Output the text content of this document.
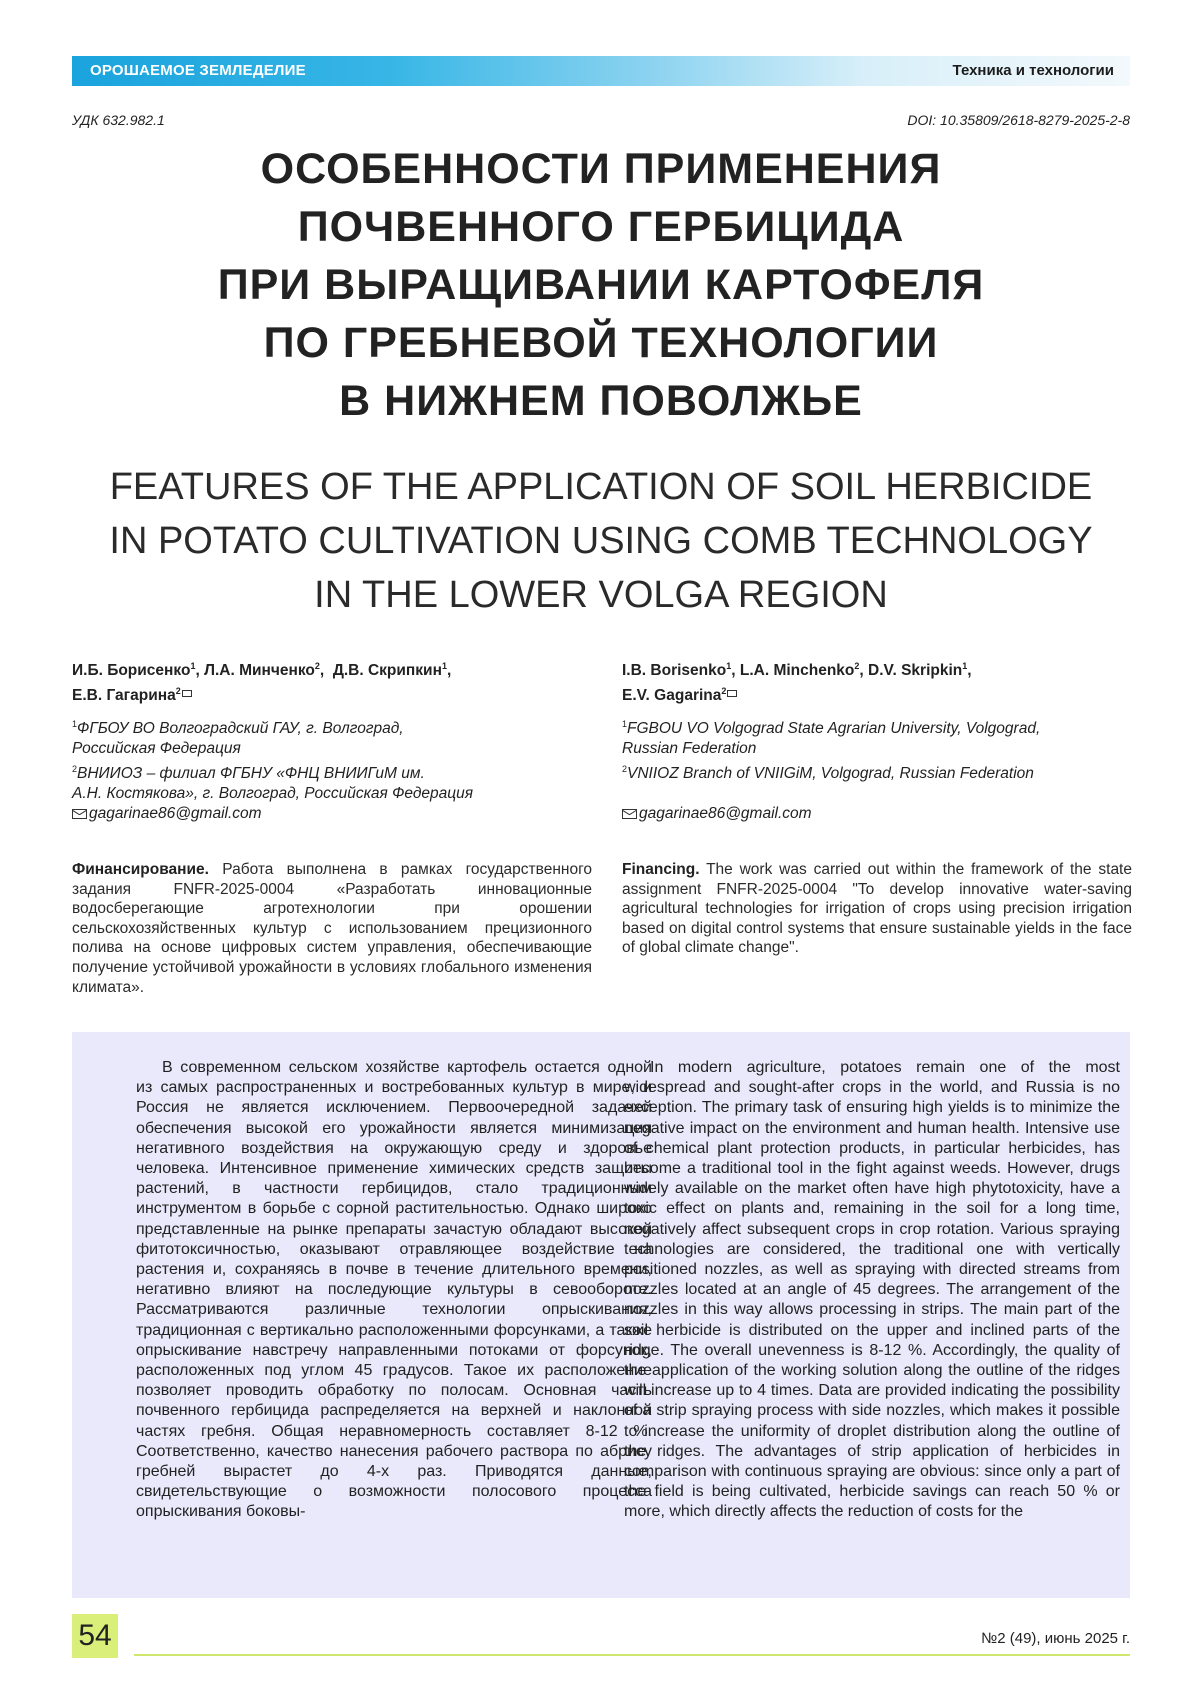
ОРОШАЕМОЕ ЗЕМЛЕДЕЛИЕ	Техника и технологии
УДК 632.982.1	DOI: 10.35809/2618-8279-2025-2-8
ОСОБЕННОСТИ ПРИМЕНЕНИЯ
ПОЧВЕННОГО ГЕРБИЦИДА
ПРИ ВЫРАЩИВАНИИ КАРТОФЕЛЯ
ПО ГРЕБНЕВОЙ ТЕХНОЛОГИИ
В НИЖНЕМ ПОВОЛЖЬЕ
FEATURES OF THE APPLICATION OF SOIL HERBICIDE
IN POTATO CULTIVATION USING COMB TECHNOLOGY
IN THE LOWER VOLGA REGION
И.Б. Борисенко1, Л.А. Минченко2,  Д.В. Скрипкин1,
Е.В. Гагарина2
I.B. Borisenko1, L.A. Minchenko2, D.V. Skripkin1,
E.V. Gagarina2
1ФГБОУ ВО Волгоградский ГАУ, г. Волгоград,
Российская Федерация
2ВНИИОЗ – филиал ФГБНУ «ФНЦ ВНИИГиМ им.
А.Н. Костякова», г. Волгоград, Российская Федерация
gagarinae86@gmail.com
1FGBOU VO Volgograd State Agrarian University, Volgograd,
Russian Federation
2VNIIOZ Branch of VNIIGiM, Volgograd, Russian Federation
gagarinae86@gmail.com
Финансирование. Работа выполнена в рамках государственного задания FNFR-2025-0004 «Разработать инновационные водосберегающие агротехнологии при орошении сельскохозяйственных культур с использованием прецизионного полива на основе цифровых систем управления, обеспечивающие получение устойчивой урожайности в условиях глобального изменения климата».
Financing. The work was carried out within the framework of the state assignment FNFR-2025-0004 "To develop innovative water-saving agricultural technologies for irrigation of crops using precision irrigation based on digital control systems that ensure sustainable yields in the face of global climate change".
В современном сельском хозяйстве картофель остается одной из самых распространенных и востребованных культур в мире, и Россия не является исключением. Первоочередной задачей обеспечения высокой его урожайности является минимизация негативного воздействия на окружающую среду и здоровье человека. Интенсивное применение химических средств защиты растений, в частности гербицидов, стало традиционным инструментом в борьбе с сорной растительностью. Однако широко представленные на рынке препараты зачастую обладают высокой фитотоксичностью, оказывают отравляющее воздействие на растения и, сохраняясь в почве в течение длительного времени, негативно влияют на последующие культуры в севообороте. Рассматриваются различные технологии опрыскивания, традиционная с вертикально расположенными форсунками, а также опрыскивание навстречу направленными потоками от форсунок, расположенных под углом 45 градусов. Такое их расположение позволяет проводить обработку по полосам. Основная часть почвенного гербицида распределяется на верхней и наклонной частях гребня. Общая неравномерность составляет 8-12 %. Соответственно, качество нанесения рабочего раствора по абрису гребней вырастет до 4-х раз. Приводятся данные, свидетельствующие о возможности полосового процесса опрыскивания боковы-
In modern agriculture, potatoes remain one of the most widespread and sought-after crops in the world, and Russia is no exception. The primary task of ensuring high yields is to minimize the negative impact on the environment and human health. Intensive use of chemical plant protection products, in particular herbicides, has become a traditional tool in the fight against weeds. However, drugs widely available on the market often have high phytotoxicity, have a toxic effect on plants and, remaining in the soil for a long time, negatively affect subsequent crops in crop rotation. Various spraying technologies are considered, the traditional one with vertically positioned nozzles, as well as spraying with directed streams from nozzles located at an angle of 45 degrees. The arrangement of the nozzles in this way allows processing in strips. The main part of the soil herbicide is distributed on the upper and inclined parts of the ridge. The overall unevenness is 8-12 %. Accordingly, the quality of the application of the working solution along the outline of the ridges will increase up to 4 times. Data are provided indicating the possibility of a strip spraying process with side nozzles, which makes it possible to increase the uniformity of droplet distribution along the outline of the ridges. The advantages of strip application of herbicides in comparison with continuous spraying are obvious: since only a part of the field is being cultivated, herbicide savings can reach 50 % or more, which directly affects the reduction of costs for the
54	№2 (49), июнь 2025 г.
